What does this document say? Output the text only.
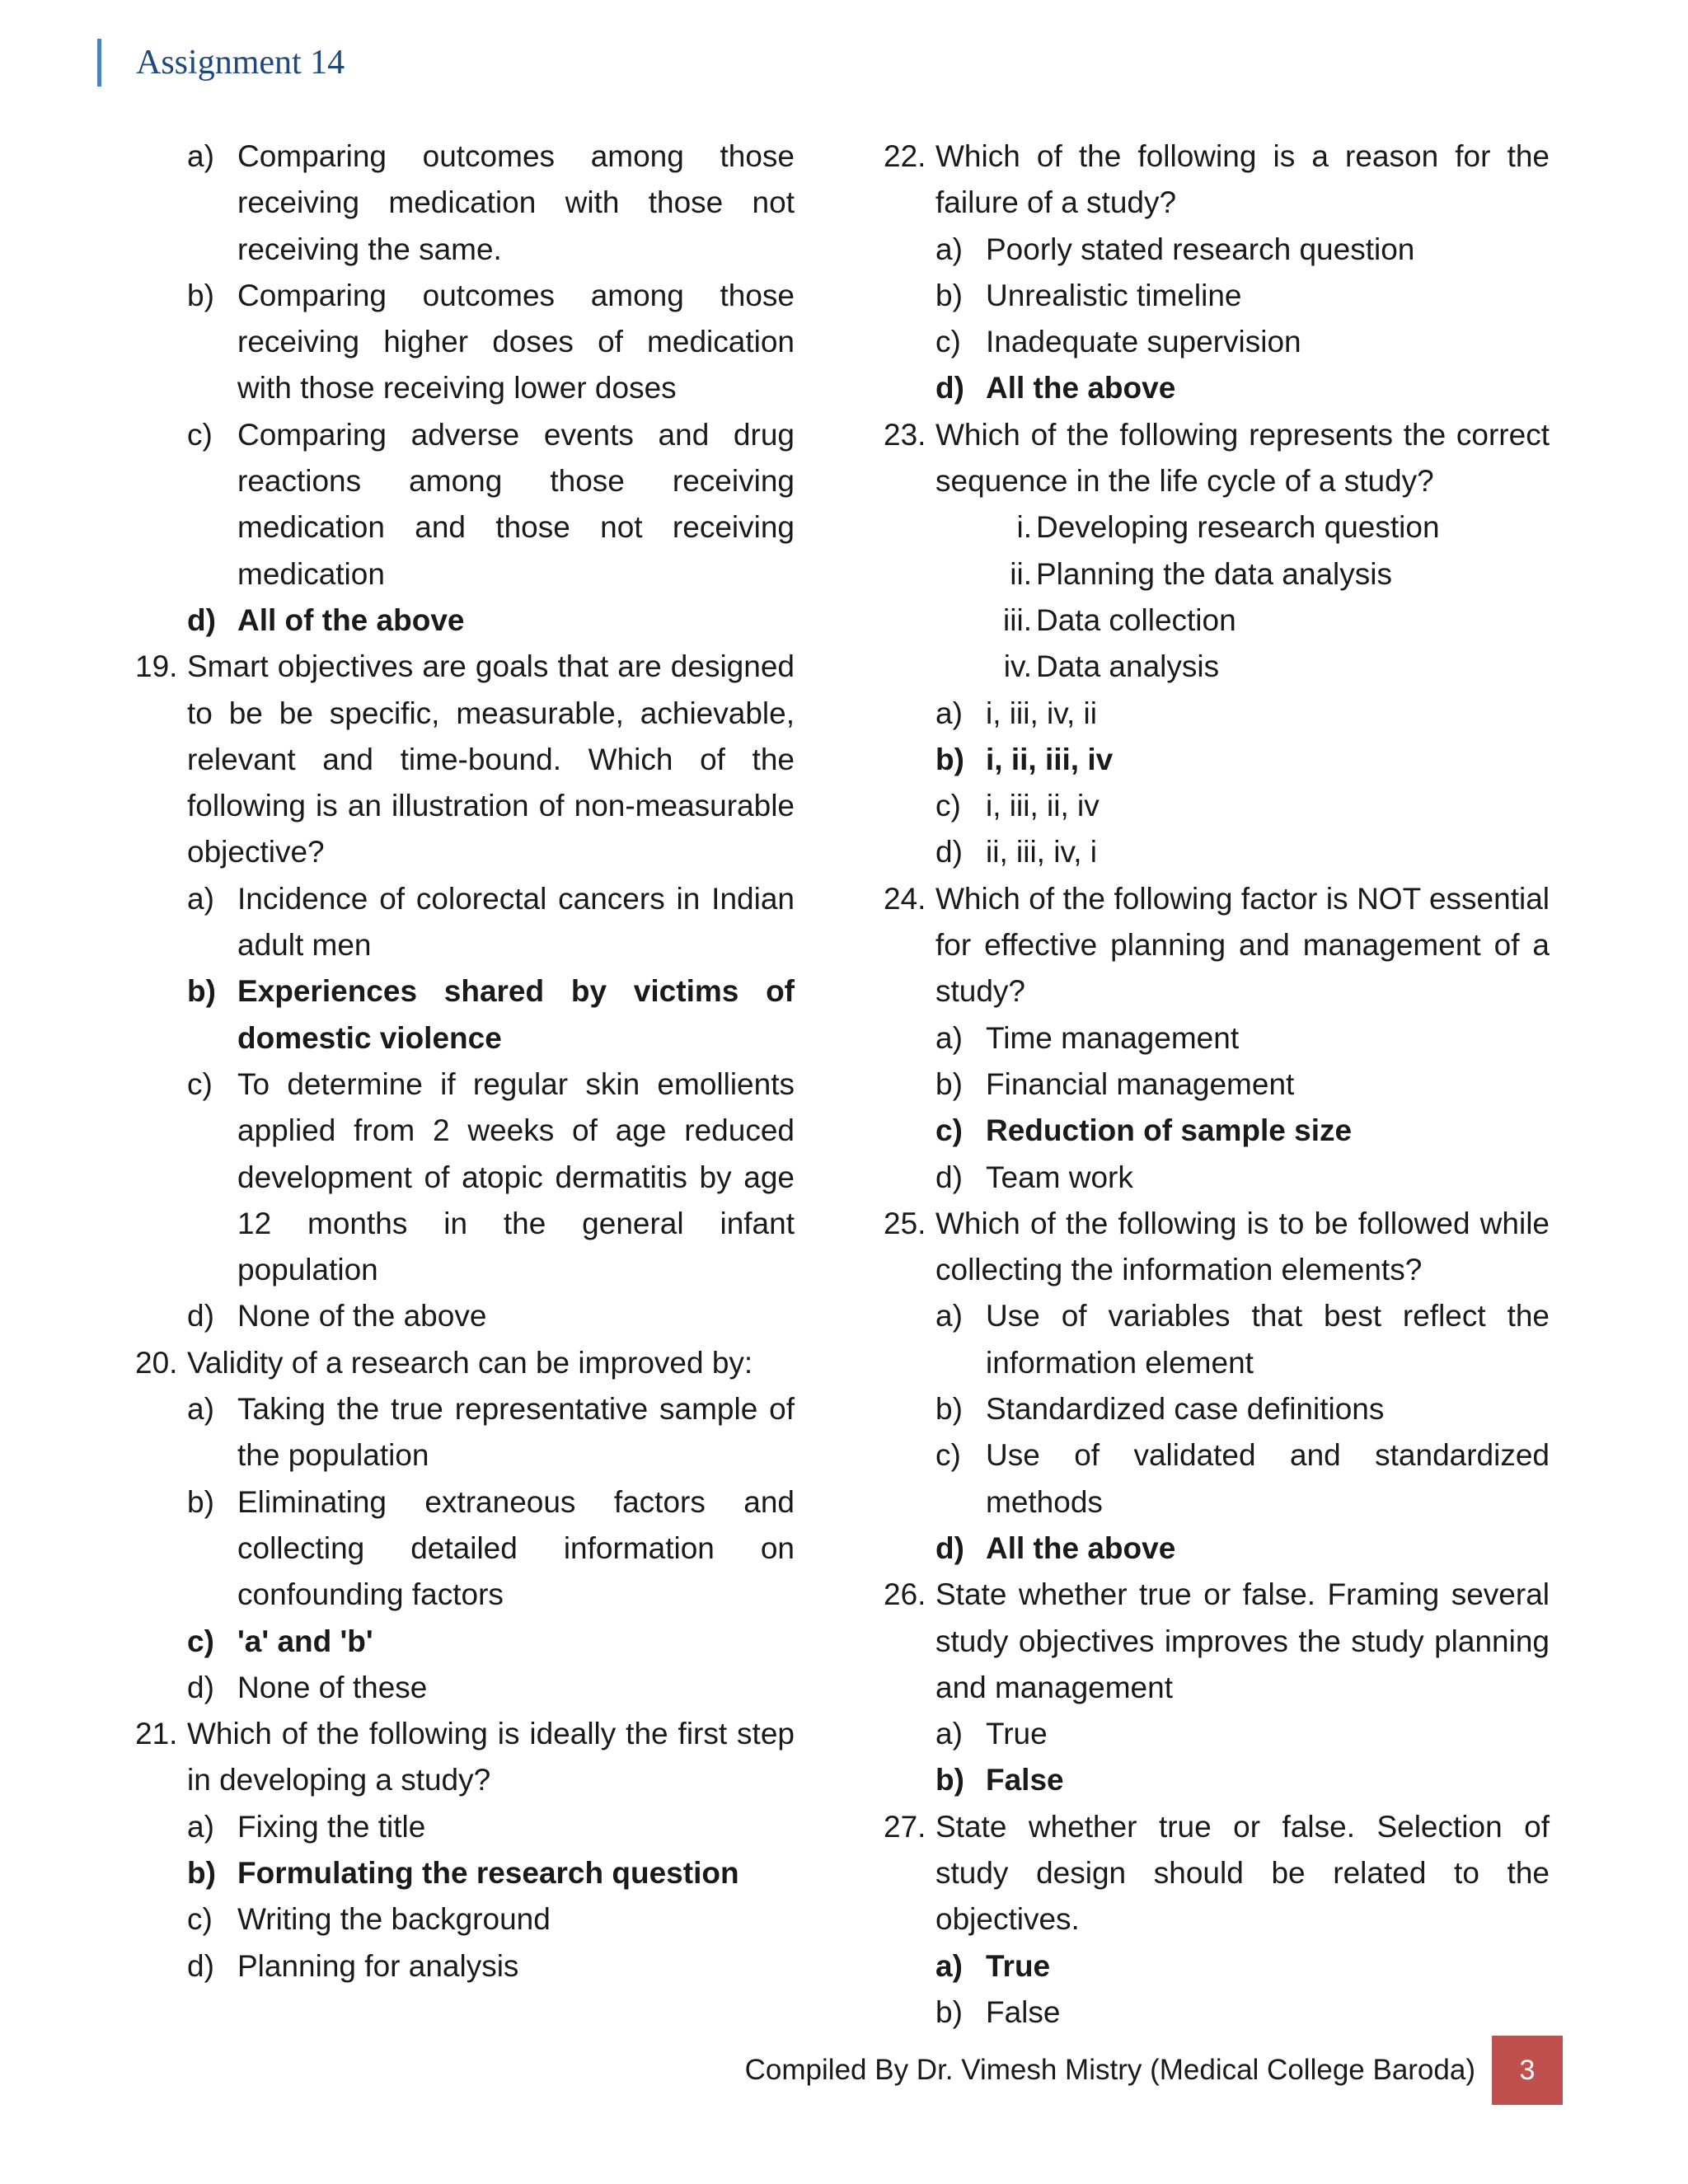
Assignment 14
a) Comparing outcomes among those receiving medication with those not receiving the same.
b) Comparing outcomes among those receiving higher doses of medication with those receiving lower doses
c) Comparing adverse events and drug reactions among those receiving medication and those not receiving medication
d) All of the above
19. Smart objectives are goals that are designed to be be specific, measurable, achievable, relevant and time-bound. Which of the following is an illustration of non-measurable objective?
a) Incidence of colorectal cancers in Indian adult men
b) Experiences shared by victims of domestic violence
c) To determine if regular skin emollients applied from 2 weeks of age reduced development of atopic dermatitis by age 12 months in the general infant population
d) None of the above
20. Validity of a research can be improved by:
a) Taking the true representative sample of the population
b) Eliminating extraneous factors and collecting detailed information on confounding factors
c) 'a' and 'b'
d) None of these
21. Which of the following is ideally the first step in developing a study?
a) Fixing the title
b) Formulating the research question
c) Writing the background
d) Planning for analysis
22. Which of the following is a reason for the failure of a study?
a) Poorly stated research question
b) Unrealistic timeline
c) Inadequate supervision
d) All the above
23. Which of the following represents the correct sequence in the life cycle of a study?
i. Developing research question
ii. Planning the data analysis
iii. Data collection
iv. Data analysis
a) i, iii, iv, ii
b) i, ii, iii, iv
c) i, iii, ii, iv
d) ii, iii, iv, i
24. Which of the following factor is NOT essential for effective planning and management of a study?
a) Time management
b) Financial management
c) Reduction of sample size
d) Team work
25. Which of the following is to be followed while collecting the information elements?
a) Use of variables that best reflect the information element
b) Standardized case definitions
c) Use of validated and standardized methods
d) All the above
26. State whether true or false. Framing several study objectives improves the study planning and management
a) True
b) False
27. State whether true or false. Selection of study design should be related to the objectives.
a) True
b) False
Compiled By Dr. Vimesh Mistry (Medical College Baroda)	3
